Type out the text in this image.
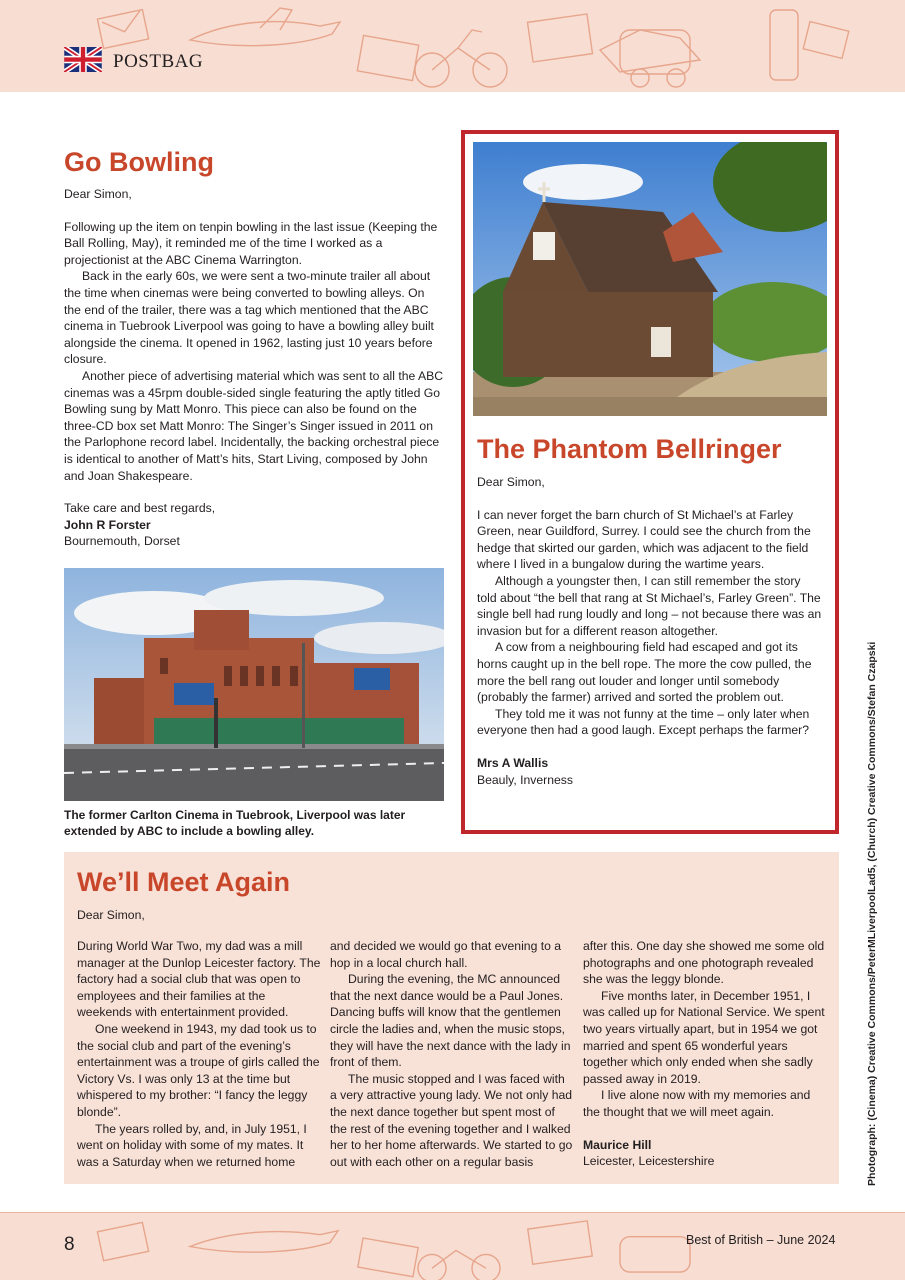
POSTBAG
Go Bowling
Dear Simon,

Following up the item on tenpin bowling in the last issue (Keeping the Ball Rolling, May), it reminded me of the time I worked as a projectionist at the ABC Cinema Warrington.

Back in the early 60s, we were sent a two-minute trailer all about the time when cinemas were being converted to bowling alleys. On the end of the trailer, there was a tag which mentioned that the ABC cinema in Tuebrook Liverpool was going to have a bowling alley built alongside the cinema. It opened in 1962, lasting just 10 years before closure.

Another piece of advertising material which was sent to all the ABC cinemas was a 45rpm double-sided single featuring the aptly titled Go Bowling sung by Matt Monro. This piece can also be found on the three-CD box set Matt Monro: The Singer’s Singer issued in 2011 on the Parlophone record label. Incidentally, the backing orchestral piece is identical to another of Matt’s hits, Start Living, composed by John and Joan Shakespeare.

Take care and best regards,

John R Forster

Bournemouth, Dorset

The former Carlton Cinema in Tuebrook, Liverpool was later extended by ABC to include a bowling alley.
The Phantom Bellringer

Dear Simon,

I can never forget the barn church of St Michael’s at Farley Green, near Guildford, Surrey. I could see the church from the hedge that skirted our garden, which was adjacent to the field where I lived in a bungalow during the wartime years.

Although a youngster then, I can still remember the story told about “the bell that rang at St Michael’s, Farley Green”. The single bell had rung loudly and long – not because there was an invasion but for a different reason altogether.

A cow from a neighbouring field had escaped and got its horns caught up in the bell rope. The more the cow pulled, the more the bell rang out louder and longer until somebody (probably the farmer) arrived and sorted the problem out.

They told me it was not funny at the time – only later when everyone then had a good laugh. Except perhaps the farmer?

Mrs A Wallis

Beauly, Inverness

We’ll Meet Again
Dear Simon,

During World War Two, my dad was a mill manager at the Dunlop Leicester factory. The factory had a social club that was open to employees and their families at the weekends with entertainment provided.

One weekend in 1943, my dad took us to the social club and part of the evening’s entertainment was a troupe of girls called the Victory Vs. I was only 13 at the time but whispered to my brother: “I fancy the leggy blonde”.

The years rolled by, and, in July 1951, I went on holiday with some of my mates. It was a Saturday when we returned home

and decided we would go that evening to a hop in a local church hall.

During the evening, the MC announced that the next dance would be a Paul Jones. Dancing buffs will know that the gentlemen circle the ladies and, when the music stops, they will have the next dance with the lady in front of them.

The music stopped and I was faced with a very attractive young lady. We not only had the next dance together but spent most of the rest of the evening together and I walked her to her home afterwards. We started to go out with each other on a regular basis

after this. One day she showed me some old photographs and one photograph revealed she was the leggy blonde.

Five months later, in December 1951, I was called up for National Service. We spent two years virtually apart, but in 1954 we got married and spent 65 wonderful years together which only ended when she sadly passed away in 2019.

I live alone now with my memories and the thought that we will meet again.

Maurice Hill

Leicester, Leicestershire	Photograph: (Cinema) Creative Commons/PeterMLiverpoolLad5, (Church) Creative Commons/Stefan Czapski
8	Best of British – June 2024
